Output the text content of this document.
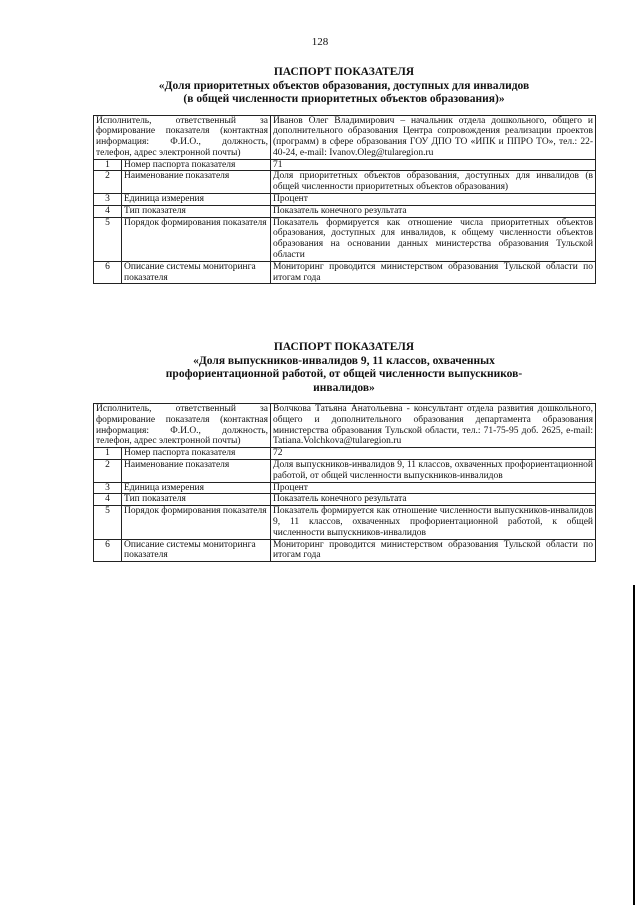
128
ПАСПОРТ ПОКАЗАТЕЛЯ
«Доля приоритетных объектов образования, доступных для инвалидов
(в общей численности приоритетных объектов образования)»
Исполнитель, ответственный за формирование показателя (контактная информация: Ф.И.О., должность, телефон, адрес электронной почты)		Иванов Олег Владимирович – начальник отдела дошкольного, общего и дополнительного образования Центра сопровождения реализации проектов (программ) в сфере образования ГОУ ДПО ТО «ИПК и ППРО ТО», тел.: 22-40-24, e-mail: Ivanov.Oleg@tularegion.ru
1	Номер паспорта показателя	71
2	Наименование показателя	Доля приоритетных объектов образования, доступных для инвалидов (в общей численности приоритетных объектов образования)
3	Единица измерения	Процент
4	Тип показателя	Показатель конечного результата
5	Порядок формирования показателя	Показатель формируется как отношение числа приоритетных объектов образования, доступных для инвалидов, к общему численности объектов образования на основании данных министерства образования Тульской области
6	Описание системы мониторинга показателя	Мониторинг проводится министерством образования Тульской области по итогам года
ПАСПОРТ ПОКАЗАТЕЛЯ
«Доля выпускников-инвалидов 9, 11 классов, охваченных
профориентационной работой, от общей численности выпускников-
инвалидов»
Исполнитель, ответственный за формирование показателя (контактная информация: Ф.И.О., должность, телефон, адрес электронной почты)		Волчкова Татьяна Анатольевна - консультант отдела развития дошкольного, общего и дополнительного образования департамента образования министерства образования Тульской области, тел.: 71-75-95 доб. 2625, e-mail: Tatiana.Volchkova@tularegion.ru
1	Номер паспорта показателя	72
2	Наименование показателя	Доля выпускников-инвалидов 9, 11 классов, охваченных профориентационной работой, от общей численности выпускников-инвалидов
3	Единица измерения	Процент
4	Тип показателя	Показатель конечного результата
5	Порядок формирования показателя	Показатель формируется как отношение численности выпускников-инвалидов 9, 11 классов, охваченных профориентационной работой, к общей численности выпускников-инвалидов
6	Описание системы мониторинга показателя	Мониторинг проводится министерством образования Тульской области по итогам года
